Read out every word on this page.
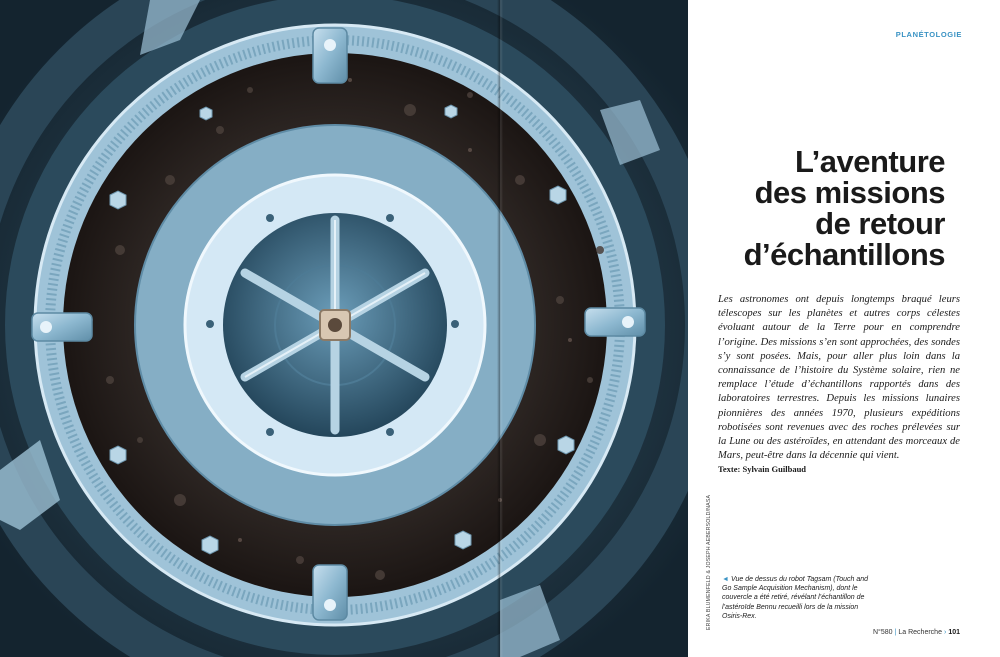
PLANÉTOLOGIE
L’aventure
des missions
de retour
d’échantillons

Les astronomes ont depuis longtemps braqué leurs télescopes sur les planètes et autres corps célestes évoluant autour de la Terre pour en comprendre l’origine. Des missions s’en sont approchées, des sondes s’y sont posées. Mais, pour aller plus loin dans la connaissance de l’histoire du Système solaire, rien ne remplace l’étude d’échantillons rapportés dans des laboratoires terrestres. Depuis les missions lunaires pionnières des années 1970, plusieurs expéditions robotisées sont revenues avec des roches prélevées sur la Lune ou des astéroïdes, en attendant des morceaux de Mars, peut-être dans la décennie qui vient.

Texte: Sylvain Guilbaud
◄ Vue de dessus du robot Tagsam (Touch and Go Sample Acquisition Mechanism), dont le couvercle a été retiré, révélant l’échantillon de l’astéroïde Bennu recueilli lors de la mission Osiris-Rex.
N°580 | La Recherche › 101
ERIKA BLUMENFELD & JOSEPH AEBERSOLD/NASA
